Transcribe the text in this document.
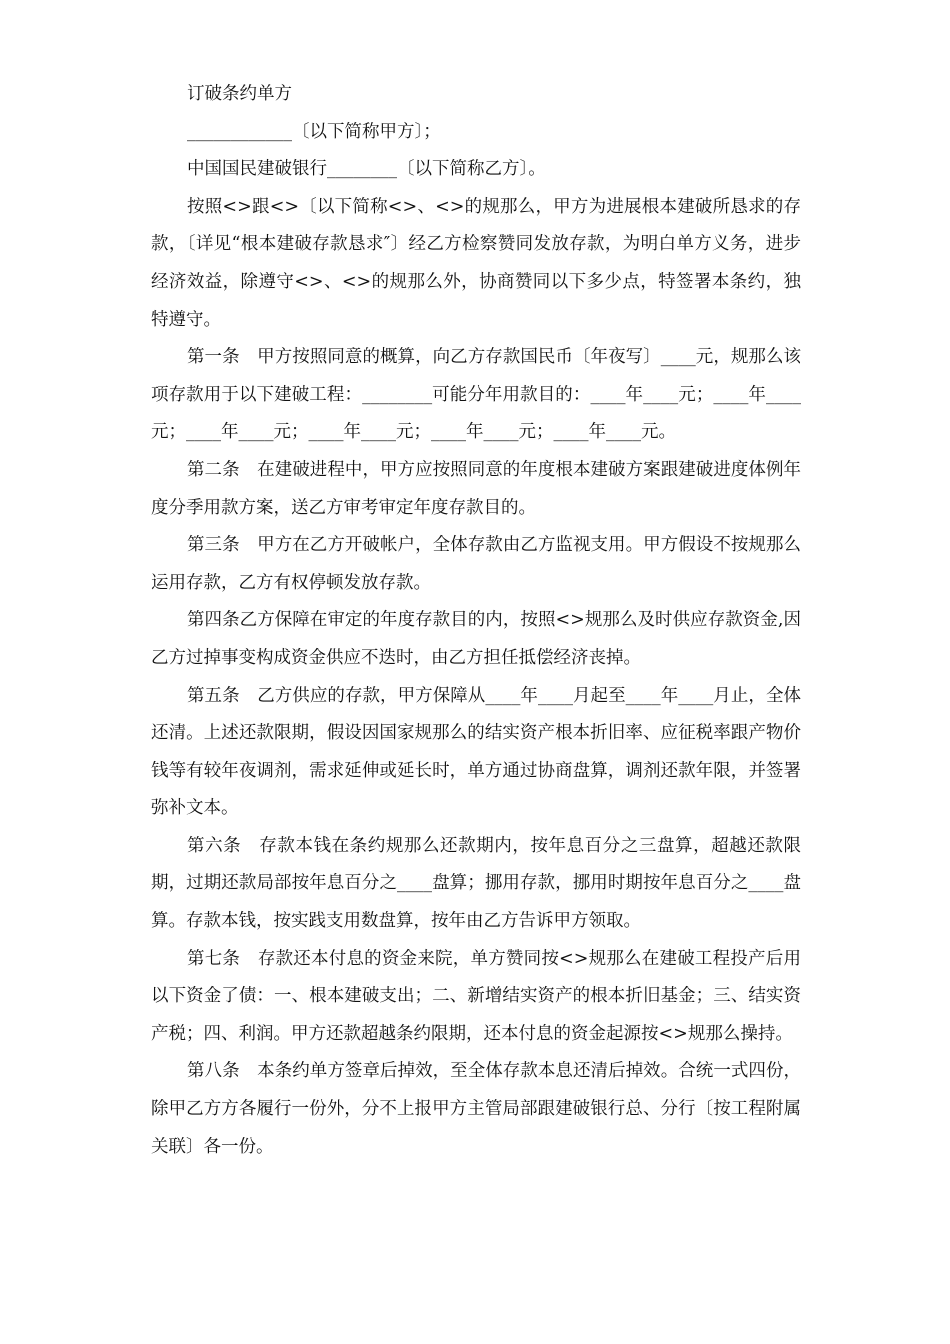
订破条约单方

____________〔以下简称甲方〕；

中国国民建破银行________〔以下简称乙方〕。

按照<>跟<>〔以下简称<>、<>的规那么，甲方为进展根本建破所恳求的存款，〔详见“根本建破存款恳求″〕经乙方检察赞同发放存款，为明白单方义务，进步经济效益，除遵守<>、<>的规那么外，协商赞同以下多少点，特签署本条约，独特遵守。

第一条　甲方按照同意的概算，向乙方存款国民币〔年夜写〕____元，规那么该项存款用于以下建破工程：________可能分年用款目的：____年____元；____年____元；____年____元；____年____元；____年____元；____年____元。

第二条　在建破进程中，甲方应按照同意的年度根本建破方案跟建破进度体例年度分季用款方案，送乙方审考审定年度存款目的。

第三条　甲方在乙方开破帐户，全体存款由乙方监视支用。甲方假设不按规那么运用存款，乙方有权停顿发放存款。

第四条乙方保障在审定的年度存款目的内，按照<>规那么及时供应存款资金,因乙方过掉事变构成资金供应不迭时，由乙方担任抵偿经济丧掉。

第五条　乙方供应的存款，甲方保障从____年____月起至____年____月止，全体还清。上述还款限期，假设因国家规那么的结实资产根本折旧率、应征税率跟产物价钱等有较年夜调剂，需求延伸或延长时，单方通过协商盘算，调剂还款年限，并签署弥补文本。

第六条　存款本钱在条约规那么还款期内，按年息百分之三盘算，超越还款限期，过期还款局部按年息百分之____盘算；挪用存款，挪用时期按年息百分之____盘算。存款本钱，按实践支用数盘算，按年由乙方告诉甲方领取。

第七条　存款还本付息的资金来院，单方赞同按<>规那么在建破工程投产后用以下资金了债：一、根本建破支出；二、新增结实资产的根本折旧基金；三、结实资产税；四、利润。甲方还款超越条约限期，还本付息的资金起源按<>规那么操持。

第八条　本条约单方签章后掉效，至全体存款本息还清后掉效。合统一式四份，除甲乙方方各履行一份外，分不上报甲方主管局部跟建破银行总、分行〔按工程附属关联〕各一份。
